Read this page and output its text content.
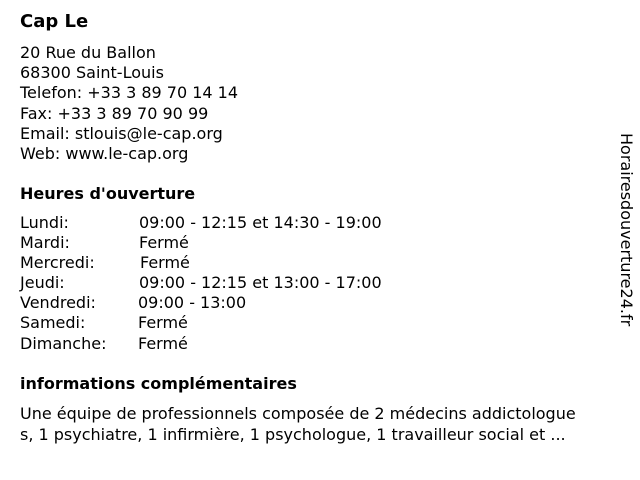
Cap Le
20 Rue du Ballon
68300 Saint-Louis
Telefon: +33 3 89 70 14 14
Fax: +33 3 89 70 90 99
Email: stlouis@le-cap.org
Web: www.le-cap.org
Heures d'ouverture
Lundi:	09:00 - 12:15 et 14:30 - 19:00
Mardi:	Fermé
Mercredi:	Fermé
Jeudi:	09:00 - 12:15 et 13:00 - 17:00
Vendredi:	09:00 - 13:00
Samedi:	Fermé
Dimanche: Fermé
informations complémentaires
Une équipe de professionnels composée de 2 médecins addictologue
s, 1 psychiatre, 1 infirmière, 1 psychologue, 1 travailleur social et ...
Horairesdouverture24.fr
